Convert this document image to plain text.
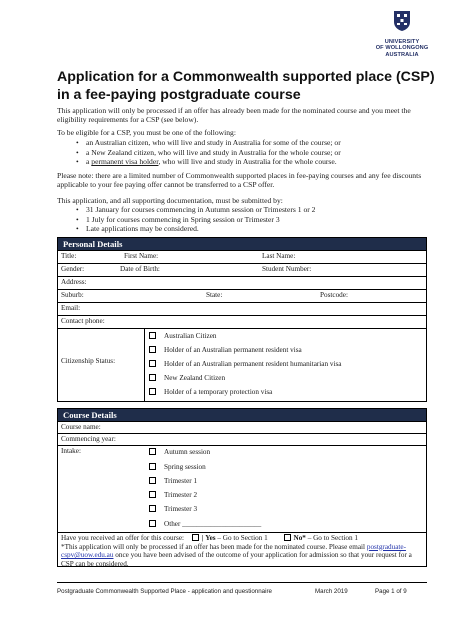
UNIVERSITY
OF WOLLONGONG
AUSTRALIA
Application for a Commonwealth supported place (CSP) in a fee-paying postgraduate course
This application will only be processed if an offer has already been made for the nominated course and you meet the eligibility requirements for a CSP (see below).
To be eligible for a CSP, you must be one of the following:
• an Australian citizen, who will live and study in Australia for some of the course; or
• a New Zealand citizen, who will live and study in Australia for the whole course; or
• a permanent visa holder, who will live and study in Australia for the whole course.
Please note: there are a limited number of Commonwealth supported places in fee-paying courses and any fee discounts applicable to your fee paying offer cannot be transferred to a CSP offer.
This application, and all supporting documentation, must be submitted by:
• 31 January for courses commencing in Autumn session or Trimesters 1 or 2
• 1 July for courses commencing in Spring session or Trimester 3
• Late applications may be considered.
Personal Details
Title:	First Name:	Last Name:
Gender:	Date of Birth:	Student Number:
Address:
Suburb:	State:	Postcode:
Email:
Contact phone:
Citizenship Status:
Australian Citizen
Holder of an Australian permanent resident visa
Holder of an Australian permanent resident humanitarian visa
New Zealand Citizen
Holder of a temporary protection visa
Course Details
Course name:
Commencing year:
Intake:	Autumn session
Spring session
Trimester 1
Trimester 2
Trimester 3
Other ______________________
Have you received an offer for this course: | Yes – Go to Section 1	No* – Go to Section 1
*This application will only be processed if an offer has been made for the nominated course. Please email postgraduate-cspv@uow.edu.au once you have been advised of the outcome of your application for admission so that your request for a CSP can be considered.
Postgraduate Commonwealth Supported Place - application and questionnaire	March 2019	Page 1 of 9
